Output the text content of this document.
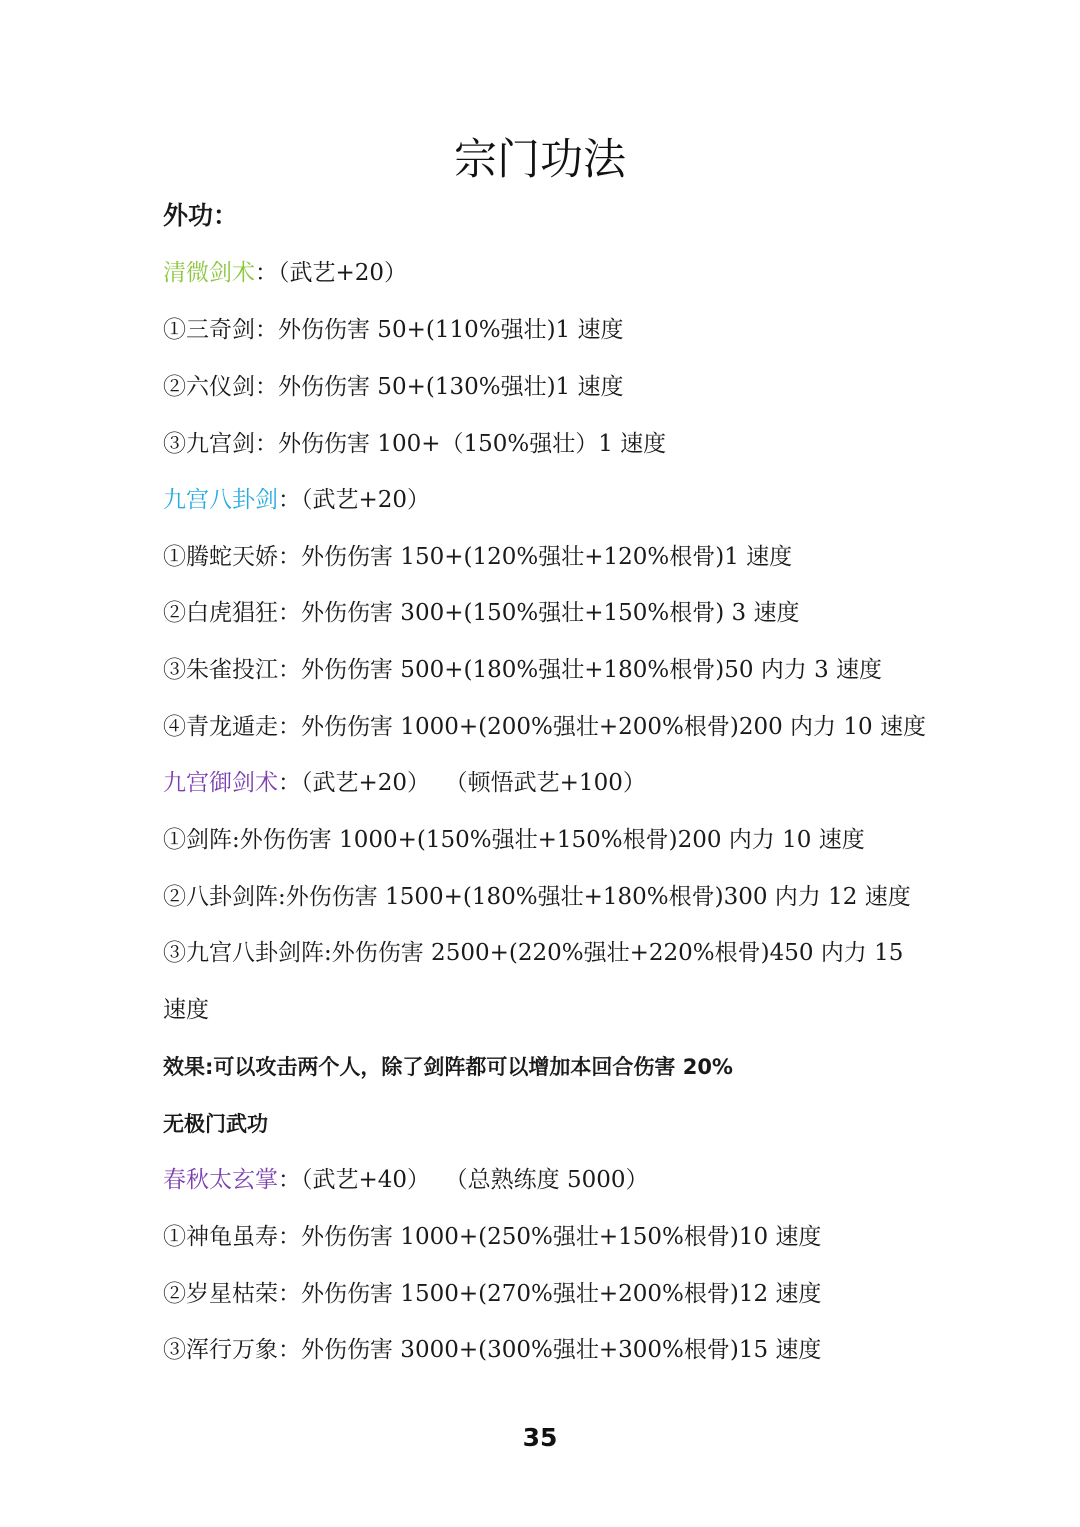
宗门功法
外功：
清微剑术：（武艺+20）
①三奇剑：外伤伤害 50+(110%强壮)1 速度
②六仪剑：外伤伤害 50+(130%强壮)1 速度
③九宫剑：外伤伤害 100+（150%强壮）1 速度
九宫八卦剑：（武艺+20）
①腾蛇天娇：外伤伤害 150+(120%强壮+120%根骨)1 速度
②白虎猖狂：外伤伤害 300+(150%强壮+150%根骨) 3 速度
③朱雀投江：外伤伤害 500+(180%强壮+180%根骨)50 内力 3 速度
④青龙遁走：外伤伤害 1000+(200%强壮+200%根骨)200 内力 10 速度
九宫御剑术：（武艺+20）  （顿悟武艺+100）
①剑阵:外伤伤害 1000+(150%强壮+150%根骨)200 内力 10 速度
②八卦剑阵:外伤伤害 1500+(180%强壮+180%根骨)300 内力 12 速度
③九宫八卦剑阵:外伤伤害 2500+(220%强壮+220%根骨)450 内力 15
速度
效果:可以攻击两个人，除了剑阵都可以增加本回合伤害 20%
无极门武功
春秋太玄掌：（武艺+40）  （总熟练度 5000）
①神龟虽寿：外伤伤害 1000+(250%强壮+150%根骨)10 速度
②岁星枯荣：外伤伤害 1500+(270%强壮+200%根骨)12 速度
③浑行万象：外伤伤害 3000+(300%强壮+300%根骨)15 速度
35
